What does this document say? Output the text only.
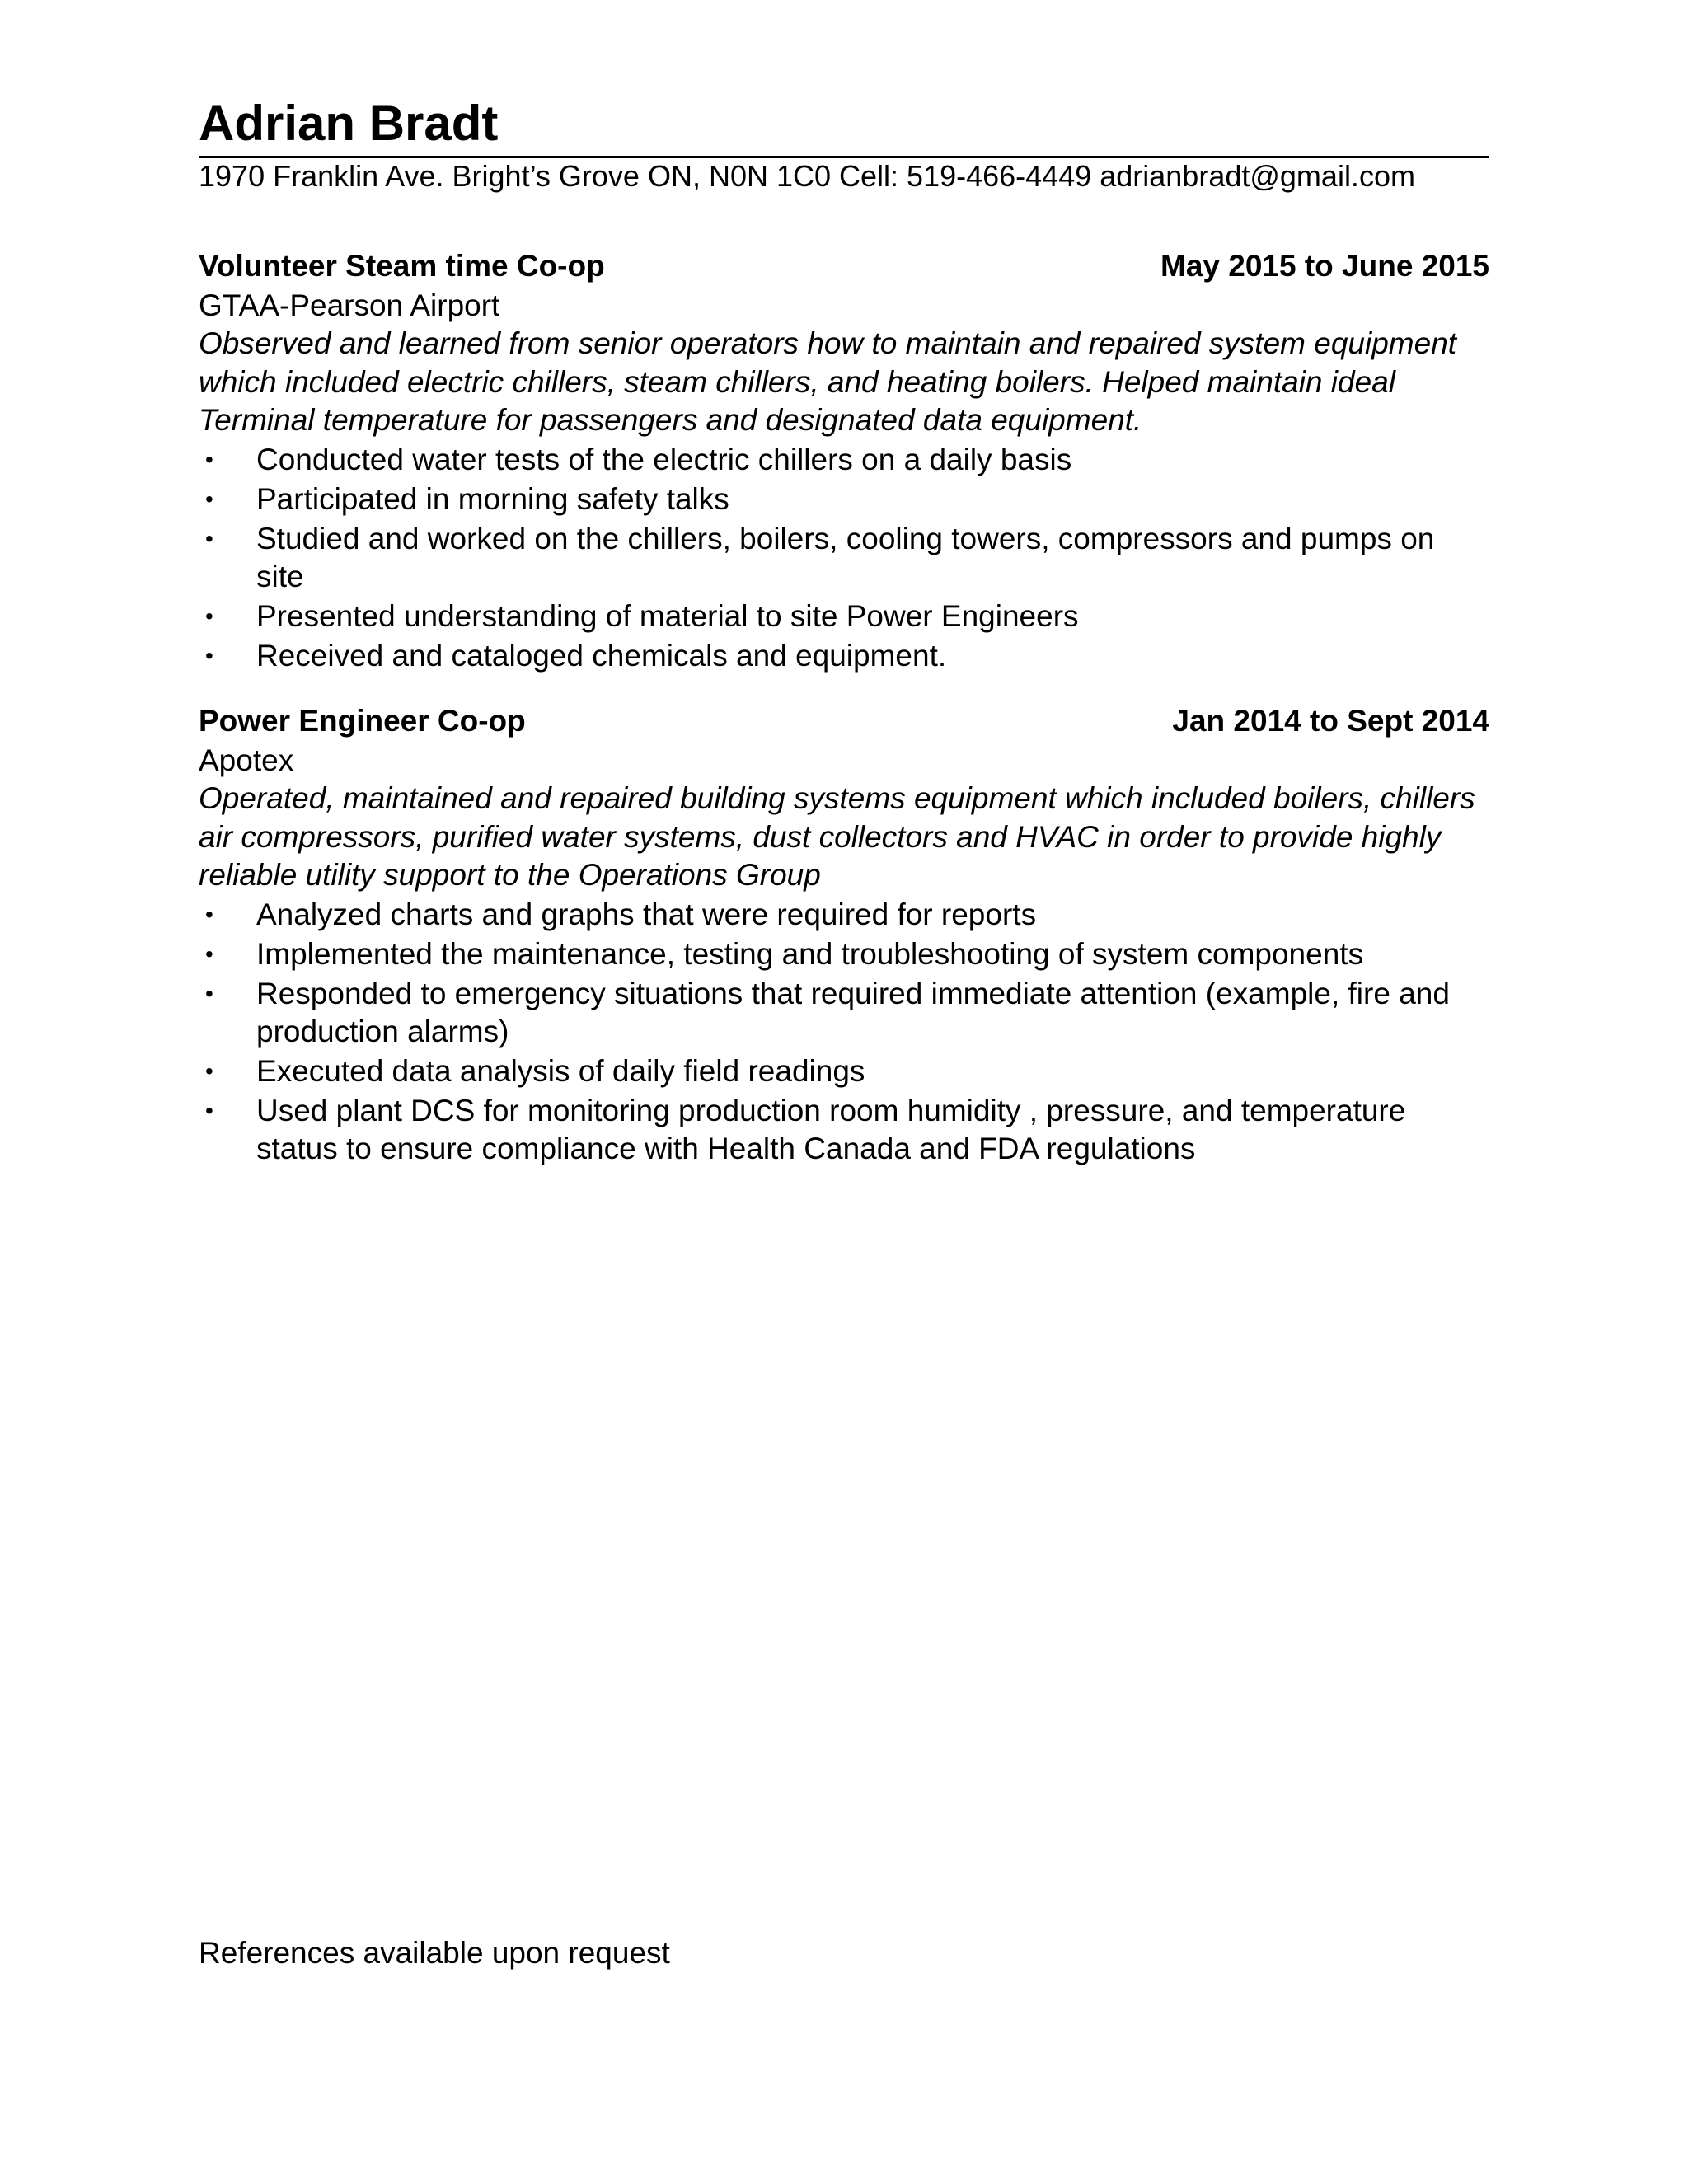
Adrian Bradt
1970 Franklin Ave. Bright’s Grove ON, N0N 1C0 Cell: 519-466-4449 adrianbradt@gmail.com
Volunteer Steam time Co-op	May 2015 to June 2015
GTAA-Pearson Airport

Observed and learned from senior operators how to maintain and repaired system equipment which included electric chillers, steam chillers, and heating boilers. Helped maintain ideal Terminal temperature for passengers and designated data equipment.

• Conducted water tests of the electric chillers on a daily basis
• Participated in morning safety talks
• Studied and worked on the chillers, boilers, cooling towers, compressors and pumps on site
• Presented understanding of material to site Power Engineers
• Received and cataloged chemicals and equipment.
Power Engineer Co-op	Jan 2014 to Sept 2014
Apotex

Operated, maintained and repaired building systems equipment which included boilers, chillers air compressors, purified water systems, dust collectors and HVAC in order to provide highly reliable utility support to the Operations Group

• Analyzed charts and graphs that were required for reports
• Implemented the maintenance, testing and troubleshooting of system components
• Responded to emergency situations that required immediate attention (example, fire and production alarms)
• Executed data analysis of daily field readings
• Used plant DCS for monitoring production room humidity , pressure, and temperature status to ensure compliance with Health Canada and FDA regulations
References available upon request
